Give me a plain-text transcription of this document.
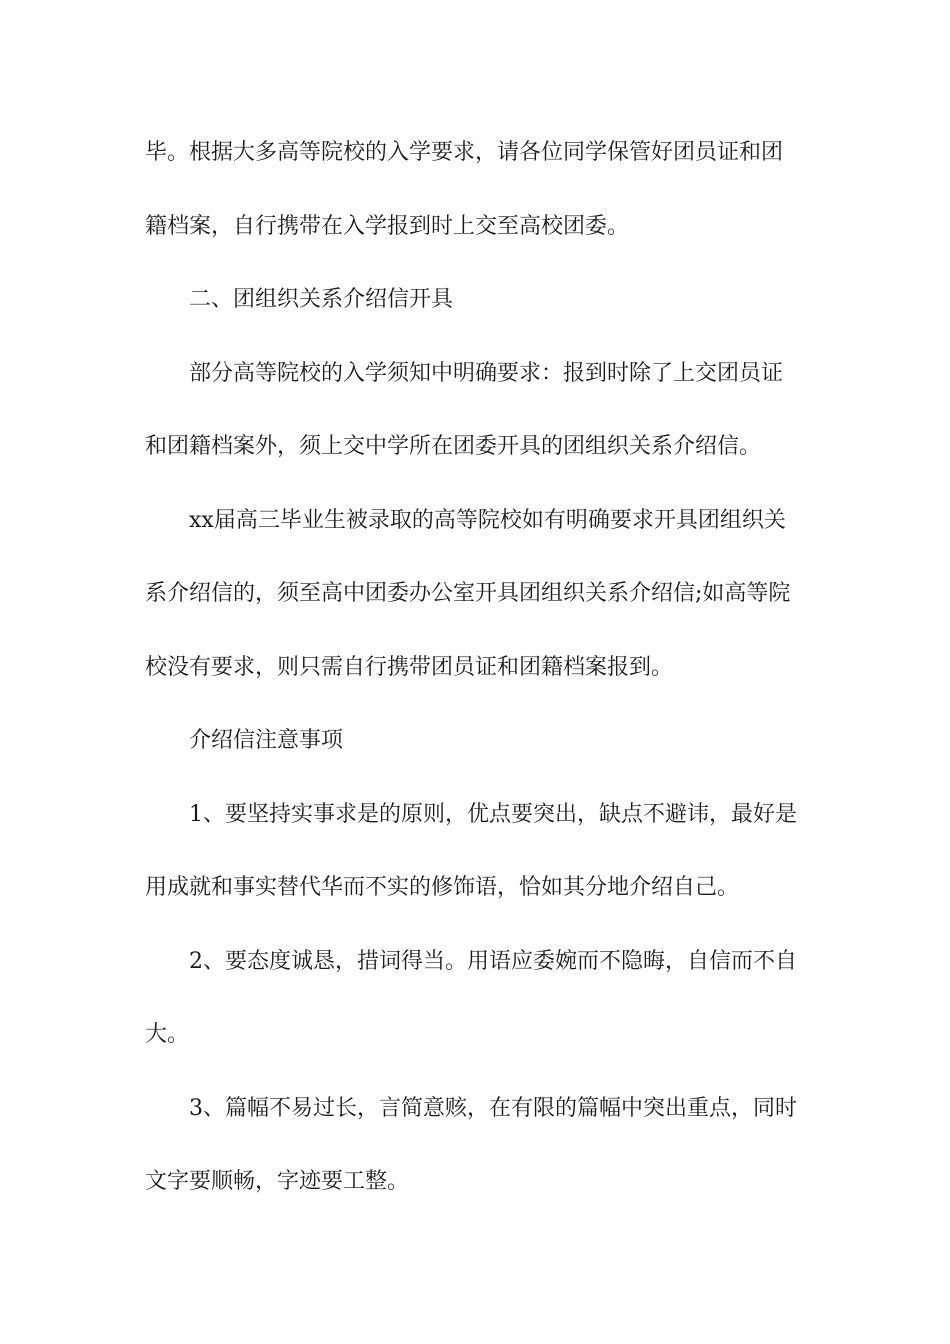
毕。根据大多高等院校的入学要求，请各位同学保管好团员证和团

籍档案，自行携带在入学报到时上交至高校团委。

二、团组织关系介绍信开具

部分高等院校的入学须知中明确要求：报到时除了上交团员证

和团籍档案外，须上交中学所在团委开具的团组织关系介绍信。

xx届高三毕业生被录取的高等院校如有明确要求开具团组织关

系介绍信的，须至高中团委办公室开具团组织关系介绍信;如高等院

校没有要求，则只需自行携带团员证和团籍档案报到。

介绍信注意事项

1、要坚持实事求是的原则，优点要突出，缺点不避讳，最好是

用成就和事实替代华而不实的修饰语，恰如其分地介绍自己。

2、要态度诚恳，措词得当。用语应委婉而不隐晦，自信而不自

大。

3、篇幅不易过长，言简意赅，在有限的篇幅中突出重点，同时

文字要顺畅，字迹要工整。
